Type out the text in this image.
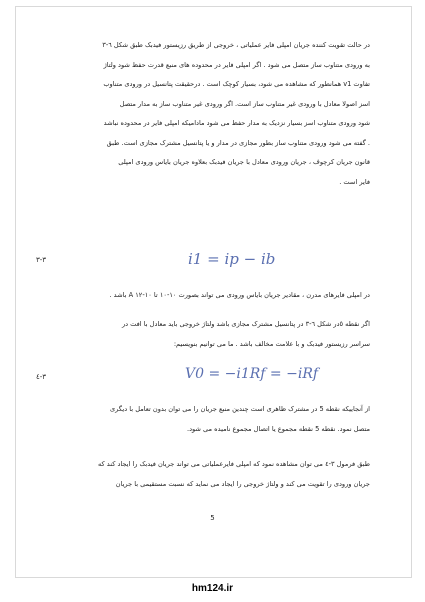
در حالت تقویت کننده جریان امپلی فایر عملیاتی ، خروجی از طریق رزیستور فیدبک طبق شکل ٦-٣

به ورودی متناوب ساز متصل می شود . اگر امپلی فایر در محدوده های منبع قدرت حفظ شود ولتاژ

تفاوت v1 همانطور که مشاهده می شود، بسیار کوچک است . درحقیقت پتانسیل در ورودی متناوب

اسز اصولا معادل با ورودی غیر متناوب ساز است. اگر ورودی غیر متناوب ساز به مدار متصل

شود ورودی متناوب اسز بسیار نزدیک به مدار حفظ می شود مادامیکه امپلی فایر در محدوده نباشد

. گفته می شود ورودی متناوب ساز بطور مجازی در مدار و یا پتانسیل مشترک مجازی است. طبق

قانون جریان کرچوف ، جریان ورودی معادل با جریان فیدبک بعلاوه جریان بایاس ورودی امپلی

فایر است .

i1 = ip − ib
٣-٣
در امپلی فایرهای مدرن ، مقادیر جریان بایاس ورودی می تواند بصورت ١٠-١٠ تا ١٠-١٢ A باشد .

اگر نقطه ٥در شکل ٦-٣ در پتانسیل مشترک مجازی باشد ولتاژ خروجی باید معادل با افت در

سراسر رزیستور فیدبک و با علامت مخالف باشد . ما می توانیم بنویسیم:

V0 = −i1Rf = −iRf
٣-٤

از آنجاییکه نقطه 5 در مشترک ظاهری است چندین منبع جریان را می توان بدون تعامل با دیگری

متصل نمود. نقطه 5 نقطه مجموع یا اتصال مجموع نامیده می شود.

طبق فرمول ٣-٤ می توان مشاهده نمود که امپلی فایرعملیاتی می تواند جریان فیدبک را ایجاد کند که

جریان ورودی را تقویت می کند و ولتاژ خروجی را ایجاد می نماید که نسبت مستقیمی با جریان

5
hm124.ir
